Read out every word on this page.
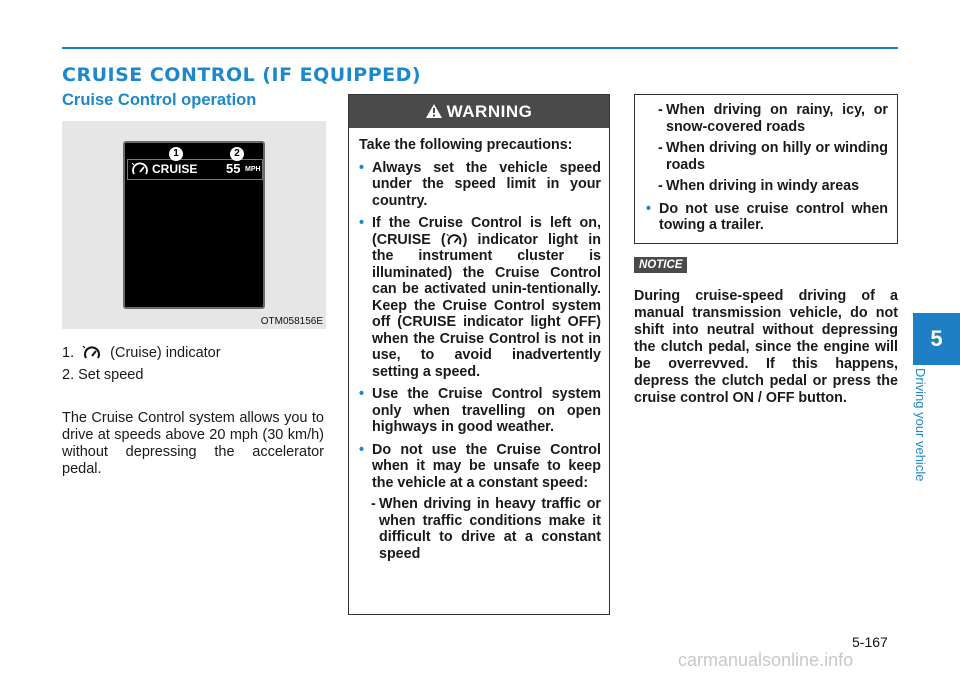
CRUISE CONTROL (IF EQUIPPED)
Cruise Control operation
CRUISE 55 MPH
1	2
OTM058156E
1. (Cruise) indicator
2. Set speed
The Cruise Control system allows you to drive at speeds above 20 mph (30 km/h) without depressing the accelerator pedal.
WARNING
Take the following precautions:
• Always set the vehicle speed under the speed limit in your country.
• If the Cruise Control is left on, (CRUISE ( ) indicator light in the instrument cluster is illuminated) the Cruise Control can be activated unin-tentionally. Keep the Cruise Control system off (CRUISE indicator light OFF) when the Cruise Control is not in use, to avoid inadvertently setting a speed.
• Use the Cruise Control system only when travelling on open highways in good weather.
• Do not use the Cruise Control when it may be unsafe to keep the vehicle at a constant speed:
- When driving in heavy traffic or when traffic conditions make it difficult to drive at a constant speed
- When driving on rainy, icy, or snow-covered roads
- When driving on hilly or winding roads
- When driving in windy areas
• Do not use cruise control when towing a trailer.
NOTICE
During cruise-speed driving of a manual transmission vehicle, do not shift into neutral without depressing the clutch pedal, since the engine will be overrevved. If this happens, depress the clutch pedal or press the cruise control ON / OFF button.
5
Driving your vehicle
5-167
carmanualsonline.info
